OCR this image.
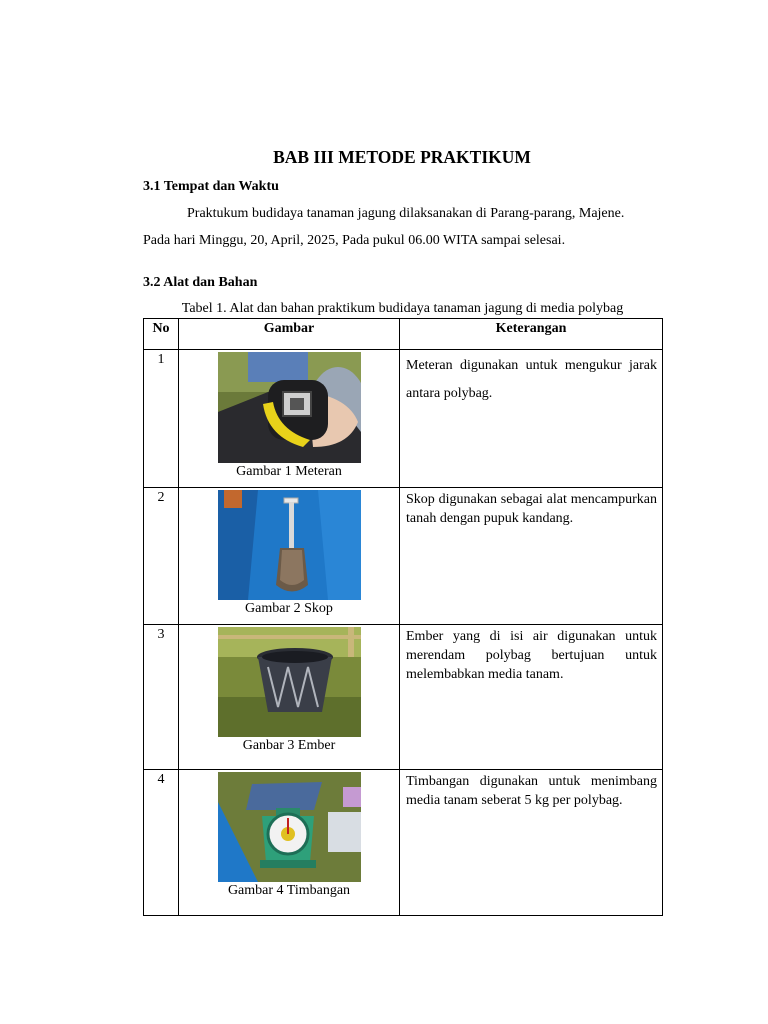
BAB III METODE PRAKTIKUM
3.1 Tempat dan Waktu
Praktukum budidaya tanaman jagung dilaksanakan di Parang-parang, Majene.
Pada hari Minggu, 20, April, 2025, Pada pukul 06.00 WITA sampai selesai.
3.2 Alat dan Bahan
Tabel 1. Alat dan bahan praktikum budidaya tanaman jagung di media polybag
No	Gambar	Keterangan
1	Gambar 1 Meteran	Meteran digunakan untuk mengukur jarak antara polybag.
2	Gambar 2 Skop	Skop digunakan sebagai alat mencampurkan tanah dengan pupuk kandang.
3	Ganbar 3 Ember	Ember yang di isi air digunakan untuk merendam polybag bertujuan untuk melembabkan media tanam.
4	Gambar 4 Timbangan	Timbangan digunakan untuk menimbang media tanam seberat 5 kg per polybag.
